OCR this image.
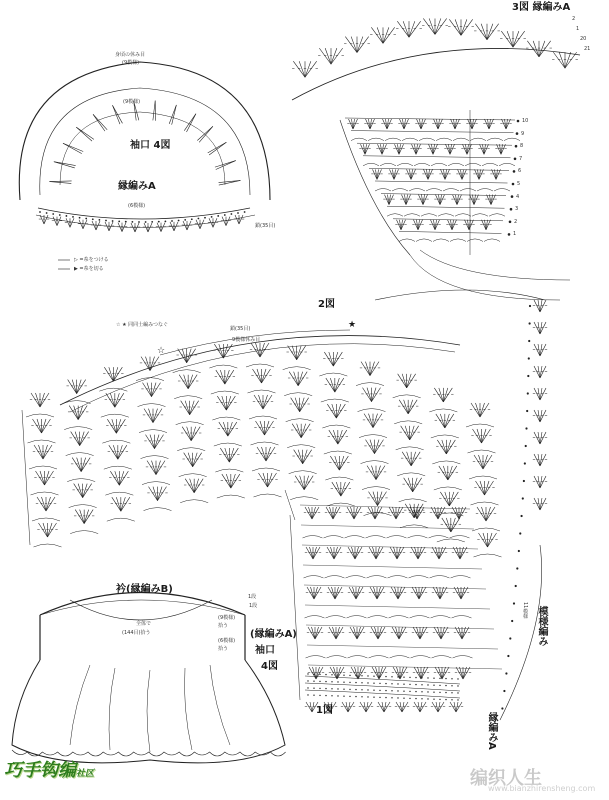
3図 縁編みA
身頃の休み目
(9模様)
(9模様)
袖口 4図
縁編みA
(6模様)
鎖(35目)
▷ =糸をつける
▶ =糸を切る
☆ ★ 同同士編みつなぐ
2図
鎖(35目)
9模様休み目
☆
★
1図
模様編み
11模様
縁編みA
衿(縁編みB)
全体で
(144目)拾う
(9模様)
拾う
(6模様)
拾う
(縁編みA)
袖口
4図
1段
1段
巧手钩编社区	编织人生
www.bianzhirensheng.com
10
9
8
7
6
5
4
3
2
1
2
1
20
21
